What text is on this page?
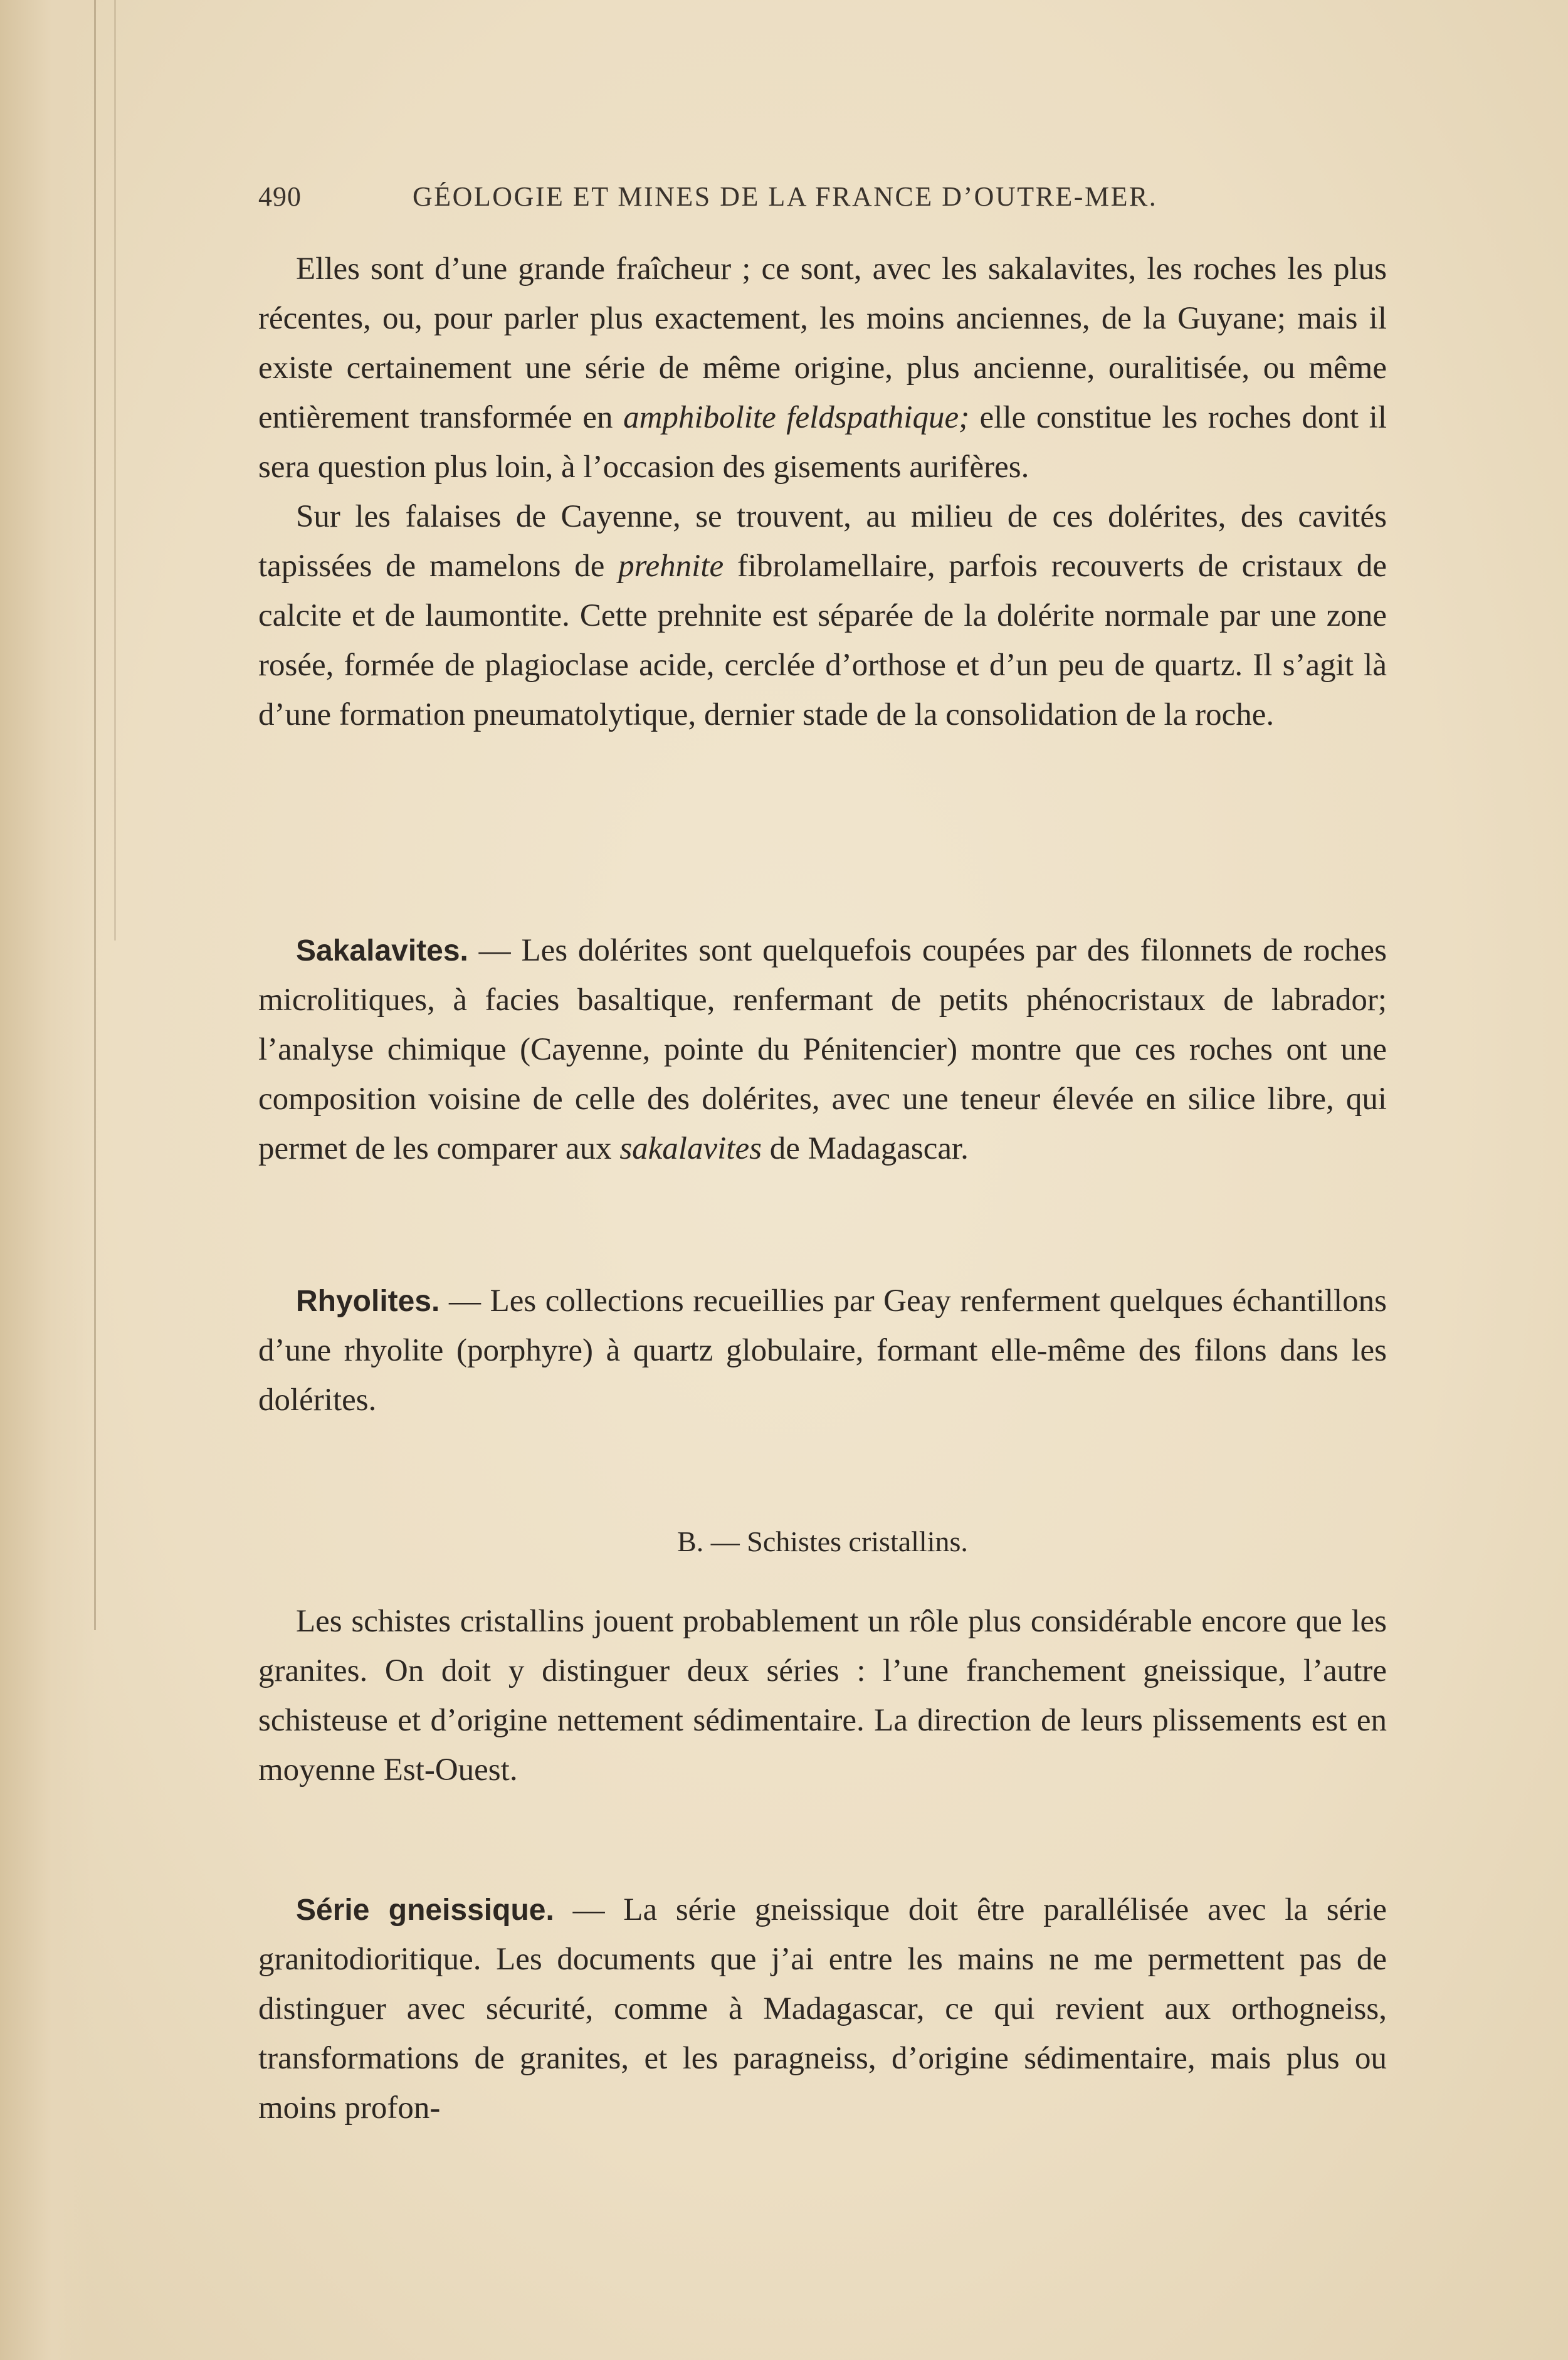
490	GÉOLOGIE ET MINES DE LA FRANCE D’OUTRE-MER.

Elles sont d’une grande fraîcheur ; ce sont, avec les sakalavites, les roches les plus récentes, ou, pour parler plus exactement, les moins anciennes, de la Guyane; mais il existe certainement une série de même origine, plus ancienne, ouralitisée, ou même entièrement transformée en amphibolite feldspathique; elle constitue les roches dont il sera question plus loin, à l’occasion des gisements aurifères.

Sur les falaises de Cayenne, se trouvent, au milieu de ces dolérites, des cavités tapissées de mamelons de prehnite fibrolamellaire, parfois recouverts de cristaux de calcite et de laumontite. Cette prehnite est séparée de la dolérite normale par une zone rosée, formée de plagioclase acide, cerclée d’orthose et d’un peu de quartz. Il s’agit là d’une formation pneumatolytique, dernier stade de la consolidation de la roche.

Sakalavites. — Les dolérites sont quelquefois coupées par des filonnets de roches microlitiques, à facies basaltique, renfermant de petits phénocristaux de labrador; l’analyse chimique (Cayenne, pointe du Pénitencier) montre que ces roches ont une composition voisine de celle des dolérites, avec une teneur élevée en silice libre, qui permet de les comparer aux sakalavites de Madagascar.

Rhyolites. — Les collections recueillies par Geay renferment quelques échantillons d’une rhyolite (porphyre) à quartz globulaire, formant elle-même des filons dans les dolérites.

B. — Schistes cristallins.

Les schistes cristallins jouent probablement un rôle plus considérable encore que les granites. On doit y distinguer deux séries : l’une franchement gneissique, l’autre schisteuse et d’origine nettement sédimentaire. La direction de leurs plissements est en moyenne Est-Ouest.

Série gneissique. — La série gneissique doit être parallélisée avec la série granitodioritique. Les documents que j’ai entre les mains ne me permettent pas de distinguer avec sécurité, comme à Madagascar, ce qui revient aux orthogneiss, transformations de granites, et les paragneiss, d’origine sédimentaire, mais plus ou moins profon-
